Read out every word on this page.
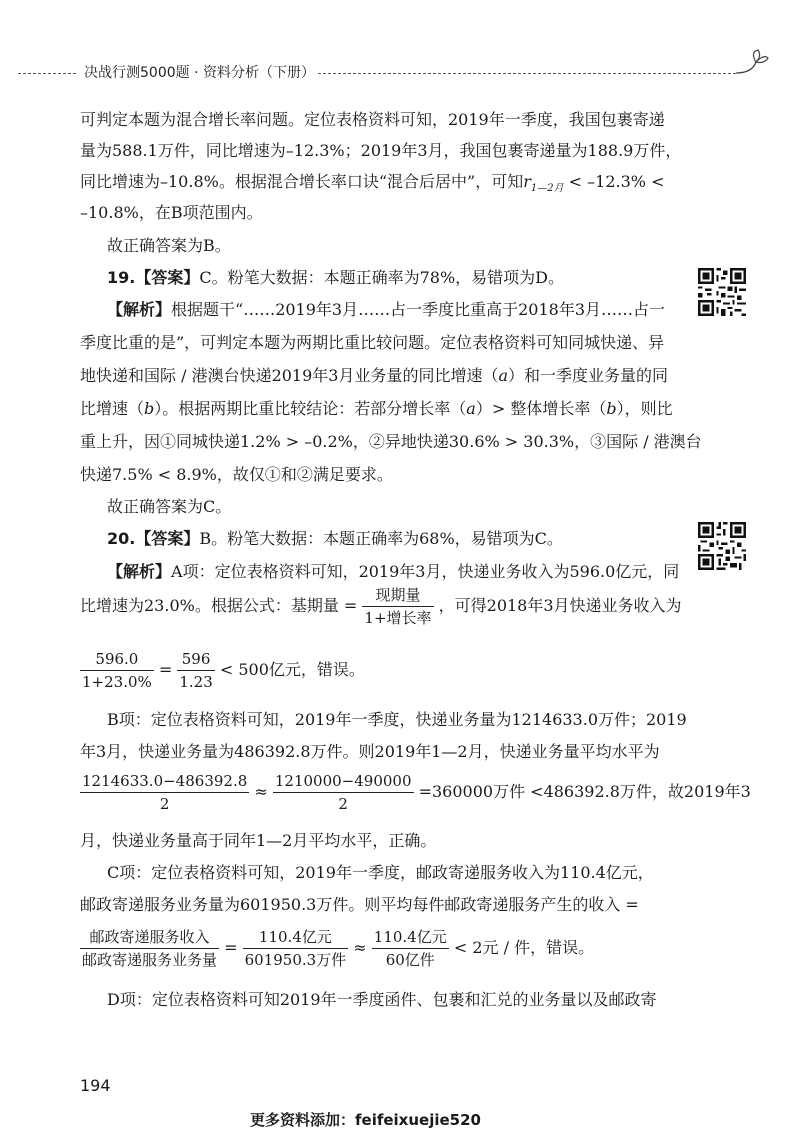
决战行测5000题 · 资料分析（下册）
可判定本题为混合增长率问题。定位表格资料可知，2019年一季度，我国包裹寄递
量为588.1万件，同比增速为–12.3%；2019年3月，我国包裹寄递量为188.9万件，
同比增速为–10.8%。根据混合增长率口诀“混合后居中”，可知$r_{1—2月} < -12.3\%$ <
–10.8%，在B项范围内。
故正确答案为B。
19.【答案】C。粉笔大数据：本题正确率为78%，易错项为D。
【解析】根据题干“……2019年3月……占一季度比重高于2018年3月……占一
季度比重的是”，可判定本题为两期比重比较问题。定位表格资料可知同城快递、异
地快递和国际 / 港澳台快递2019年3月业务量的同比增速（a）和一季度业务量的同
比增速（b）。根据两期比重比较结论：若部分增长率（a）> 整体增长率（b），则比
重上升，因①同城快递1.2% > –0.2%，②异地快递30.6% > 30.3%，③国际 / 港澳台
快递7.5% < 8.9%，故仅①和②满足要求。
故正确答案为C。
20.【答案】B。粉笔大数据：本题正确率为68%，易错项为C。
【解析】A项：定位表格资料可知，2019年3月，快递业务收入为596.0亿元，同
比增速为23.0%。根据公式：基期量 = $\frac{\text{现期量}}{\text{1+增长率}}$ ，可得2018年3月快递业务收入为
$\frac{596.0}{1+23.0\%} = \frac{596}{1.23} < 500$亿元，错误。
B项：定位表格资料可知，2019年一季度，快递业务量为1214633.0万件；2019
年3月，快递业务量为486392.8万件。则2019年1—2月，快递业务量平均水平为
$\frac{1214633.0-486392.8}{2} \approx \frac{1210000-490000}{2} =360000$万件 <486392.8万件，故2019年3
月，快递业务量高于同年1—2月平均水平，正确。
C项：定位表格资料可知，2019年一季度，邮政寄递服务收入为110.4亿元，
邮政寄递服务业务量为601950.3万件。则平均每件邮政寄递服务产生的收入 =
$\frac{\text{邮政寄递服务收入}}{\text{邮政寄递服务业务量}} = \frac{\text{110.4亿元}}{\text{601950.3万件}} \approx \frac{\text{110.4亿元}}{\text{60亿件}} < 2$元 / 件，错误。
D项：定位表格资料可知2019年一季度函件、包裹和汇兑的业务量以及邮政寄
194
更多资料添加：feifeixuejie520
